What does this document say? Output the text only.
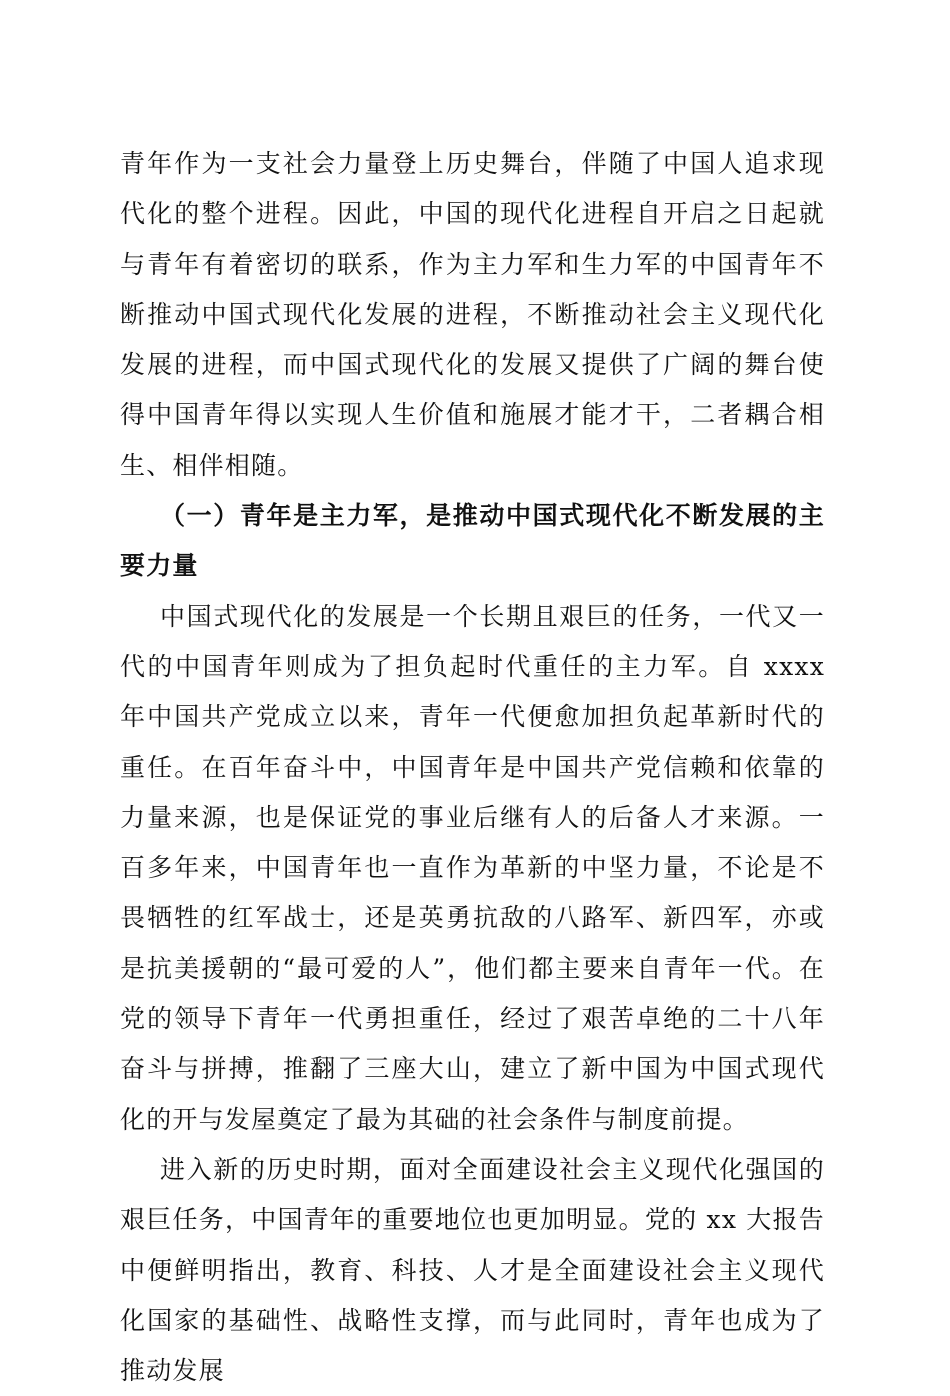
青年作为一支社会力量登上历史舞台，伴随了中国人追求现代化的整个进程。因此，中国的现代化进程自开启之日起就与青年有着密切的联系，作为主力军和生力军的中国青年不断推动中国式现代化发展的进程，不断推动社会主义现代化发展的进程，而中国式现代化的发展又提供了广阔的舞台使得中国青年得以实现人生价值和施展才能才干，二者耦合相生、相伴相随。

（一）青年是主力军，是推动中国式现代化不断发展的主要力量

中国式现代化的发展是一个长期且艰巨的任务，一代又一代的中国青年则成为了担负起时代重任的主力军。自 xxxx 年中国共产党成立以来，青年一代便愈加担负起革新时代的重任。在百年奋斗中，中国青年是中国共产党信赖和依靠的力量来源，也是保证党的事业后继有人的后备人才来源。一百多年来，中国青年也一直作为革新的中坚力量，不论是不畏牺牲的红军战士，还是英勇抗敌的八路军、新四军，亦或是抗美援朝的“最可爱的人”，他们都主要来自青年一代。在党的领导下青年一代勇担重任，经过了艰苦卓绝的二十八年奋斗与拼搏，推翻了三座大山，建立了新中国为中国式现代化的开与发屋奠定了最为其础的社会条件与制度前提。

进入新的历史时期，面对全面建设社会主义现代化强国的艰巨任务，中国青年的重要地位也更加明显。党的 xx 大报告中便鲜明指出，教育、科技、人才是全面建设社会主义现代化国家的基础性、战略性支撑，而与此同时，青年也成为了推动发展
